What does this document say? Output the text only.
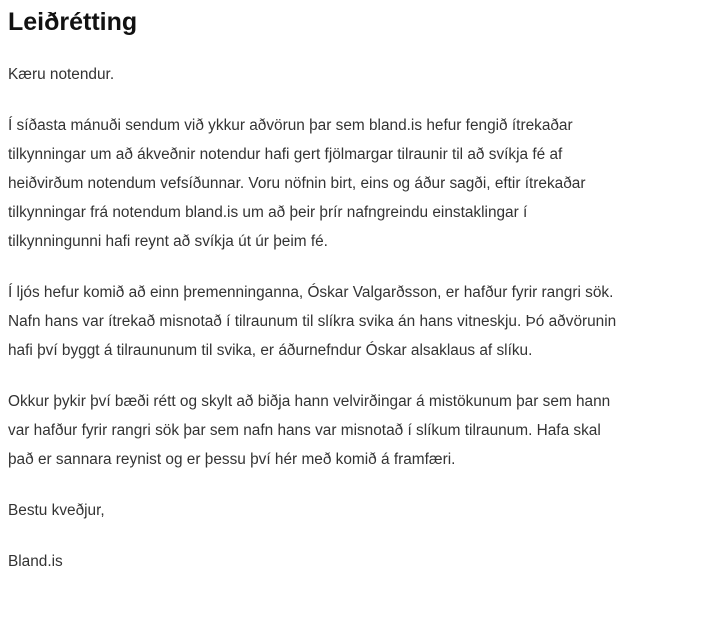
Leiðrétting

Kæru notendur.

Í síðasta mánuði sendum við ykkur aðvörun þar sem bland.is hefur fengið ítrekaðar
tilkynningar um að ákveðnir notendur hafi gert fjölmargar tilraunir til að svíkja fé af
heiðvirðum notendum vefsíðunnar. Voru nöfnin birt, eins og áður sagði, eftir ítrekaðar
tilkynningar frá notendum bland.is um að þeir þrír nafngreindu einstaklingar í
tilkynningunni hafi reynt að svíkja út úr þeim fé.

Í ljós hefur komið að einn þremenninganna, Óskar Valgarðsson, er hafður fyrir rangri sök.
Nafn hans var ítrekað misnotað í tilraunum til slíkra svika án hans vitneskju. Þó aðvörunin
hafi því byggt á tilraununum til svika, er áðurnefndur Óskar alsaklaus af slíku.

Okkur þykir því bæði rétt og skylt að biðja hann velvirðingar á mistökunum þar sem hann
var hafður fyrir rangri sök þar sem nafn hans var misnotað í slíkum tilraunum. Hafa skal
það er sannara reynist og er þessu því hér með komið á framfæri.

Bestu kveðjur,

Bland.is
